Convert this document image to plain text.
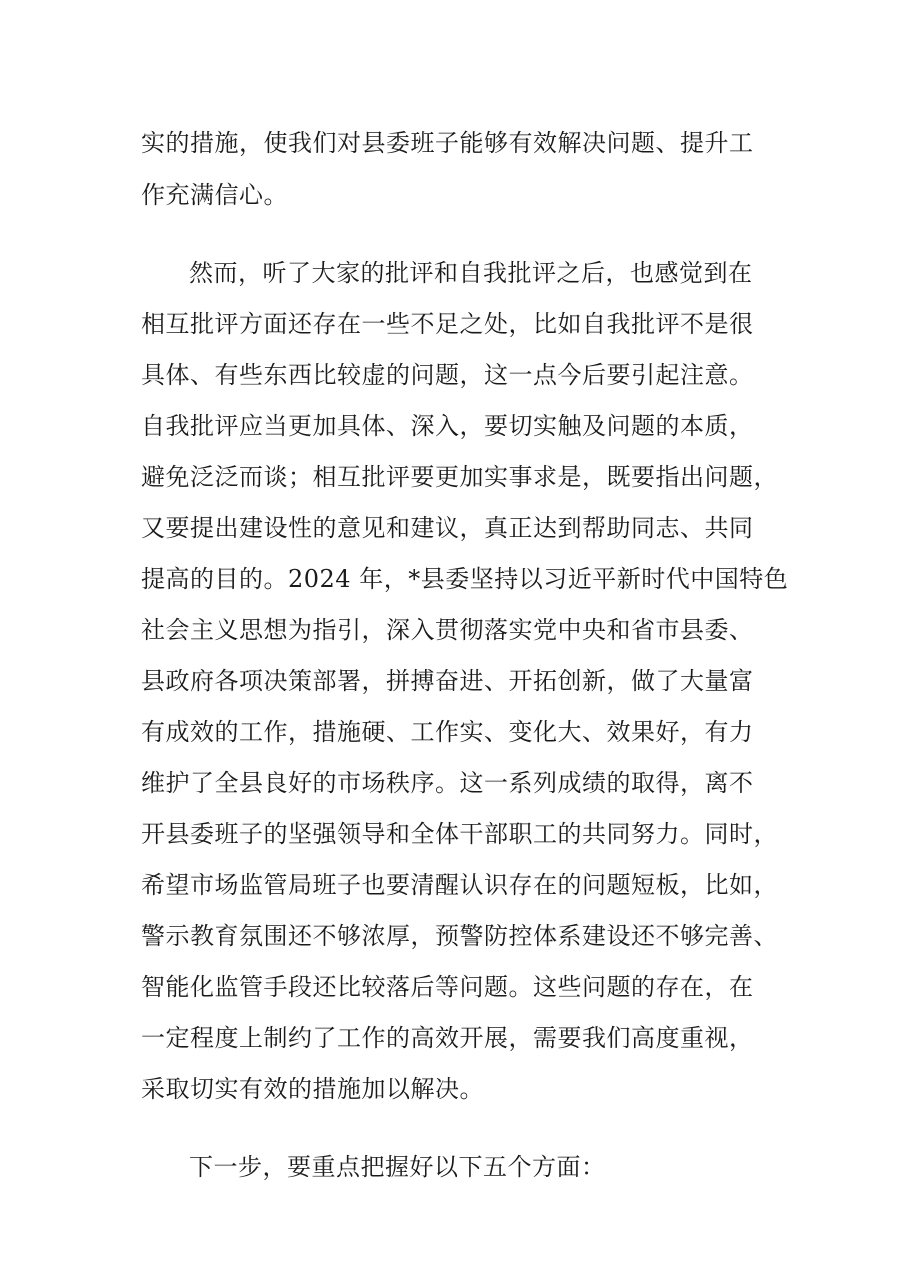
实的措施，使我们对县委班子能够有效解决问题、提升工
作充满信心。
然而，听了大家的批评和自我批评之后，也感觉到在
相互批评方面还存在一些不足之处，比如自我批评不是很
具体、有些东西比较虚的问题，这一点今后要引起注意。
自我批评应当更加具体、深入，要切实触及问题的本质，
避免泛泛而谈；相互批评要更加实事求是，既要指出问题，
又要提出建设性的意见和建议，真正达到帮助同志、共同
提高的目的。2024 年，*县委坚持以习近平新时代中国特色
社会主义思想为指引，深入贯彻落实党中央和省市县委、
县政府各项决策部署，拼搏奋进、开拓创新，做了大量富
有成效的工作，措施硬、工作实、变化大、效果好，有力
维护了全县良好的市场秩序。这一系列成绩的取得，离不
开县委班子的坚强领导和全体干部职工的共同努力。同时，
希望市场监管局班子也要清醒认识存在的问题短板，比如，
警示教育氛围还不够浓厚，预警防控体系建设还不够完善、
智能化监管手段还比较落后等问题。这些问题的存在，在
一定程度上制约了工作的高效开展，需要我们高度重视，
采取切实有效的措施加以解决。
下一步，要重点把握好以下五个方面：
